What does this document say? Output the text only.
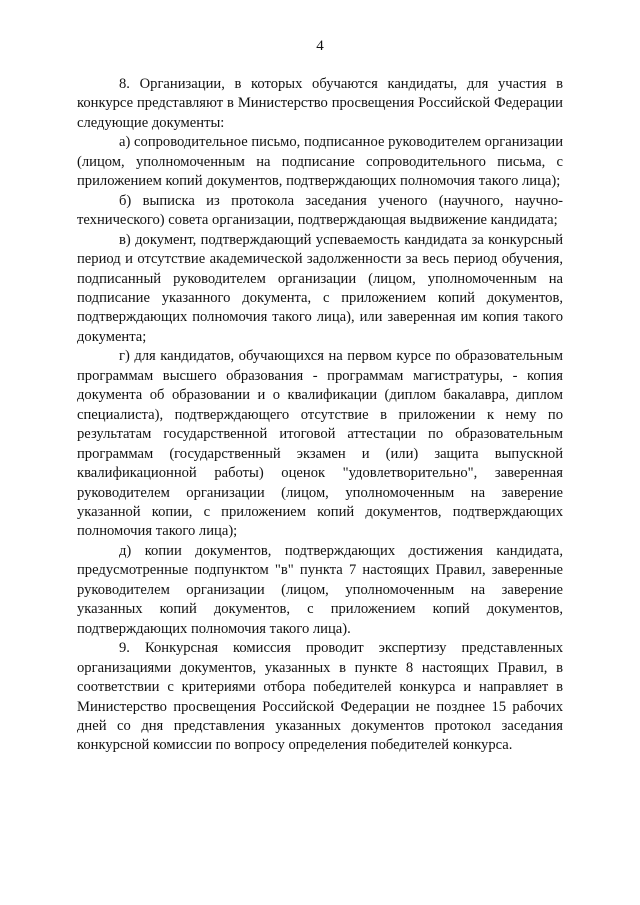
4

8. Организации, в которых обучаются кандидаты, для участия в конкурсе представляют в Министерство просвещения Российской Федерации следующие документы:

а) сопроводительное письмо, подписанное руководителем организации (лицом, уполномоченным на подписание сопроводительного письма, с приложением копий документов, подтверждающих полномочия такого лица);

б) выписка из протокола заседания ученого (научного, научно-технического) совета организации, подтверждающая выдвижение кандидата;

в) документ, подтверждающий успеваемость кандидата за конкурсный период и отсутствие академической задолженности за весь период обучения, подписанный руководителем организации (лицом, уполномоченным на подписание указанного документа, с приложением копий документов, подтверждающих полномочия такого лица), или заверенная им копия такого документа;

г) для кандидатов, обучающихся на первом курсе по образовательным программам высшего образования - программам магистратуры, - копия документа об образовании и о квалификации (диплом бакалавра, диплом специалиста), подтверждающего отсутствие в приложении к нему по результатам государственной итоговой аттестации по образовательным программам (государственный экзамен и (или) защита выпускной квалификационной работы) оценок "удовлетворительно", заверенная руководителем организации (лицом, уполномоченным на заверение указанной копии, с приложением копий документов, подтверждающих полномочия такого лица);

д) копии документов, подтверждающих достижения кандидата, предусмотренные подпунктом "в" пункта 7 настоящих Правил, заверенные руководителем организации (лицом, уполномоченным на заверение указанных копий документов, с приложением копий документов, подтверждающих полномочия такого лица).

9. Конкурсная комиссия проводит экспертизу представленных организациями документов, указанных в пункте 8 настоящих Правил, в соответствии с критериями отбора победителей конкурса и направляет в Министерство просвещения Российской Федерации не позднее 15 рабочих дней со дня представления указанных документов протокол заседания конкурсной комиссии по вопросу определения победителей конкурса.
